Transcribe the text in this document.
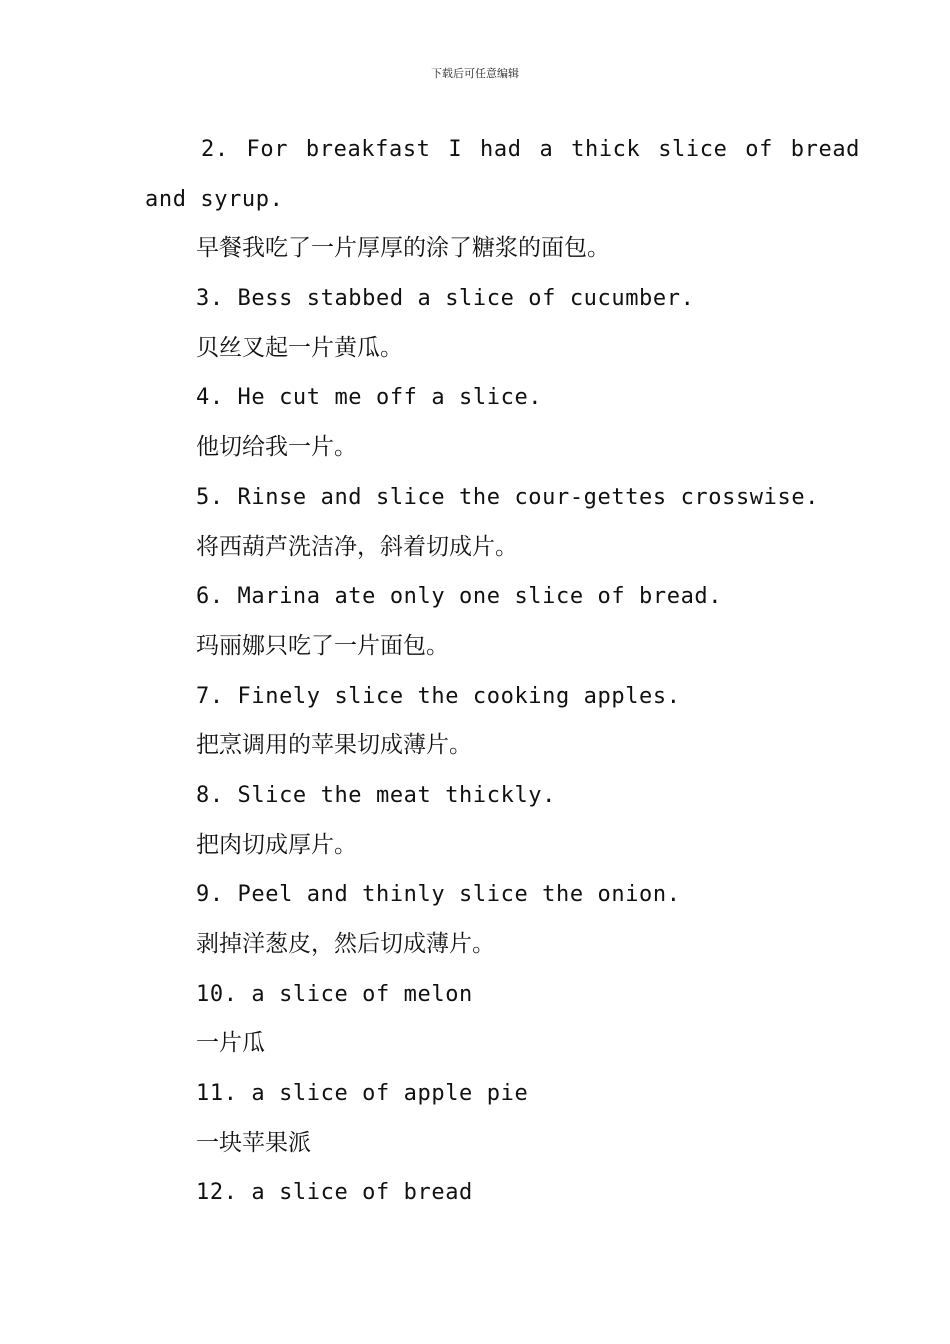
下载后可任意编辑
2. For breakfast I had a thick slice of bread
and syrup.
早餐我吃了一片厚厚的涂了糖浆的面包。
3. Bess stabbed a slice of cucumber.
贝丝叉起一片黄瓜。
4. He cut me off a slice.
他切给我一片。
5. Rinse and slice the cour-gettes crosswise.
将西葫芦洗洁净，斜着切成片。
6. Marina ate only one slice of bread.
玛丽娜只吃了一片面包。
7. Finely slice the cooking apples.
把烹调用的苹果切成薄片。
8. Slice the meat thickly.
把肉切成厚片。
9. Peel and thinly slice the onion.
剥掉洋葱皮，然后切成薄片。
10. a slice of melon
一片瓜
11. a slice of apple pie
一块苹果派
12. a slice of bread
